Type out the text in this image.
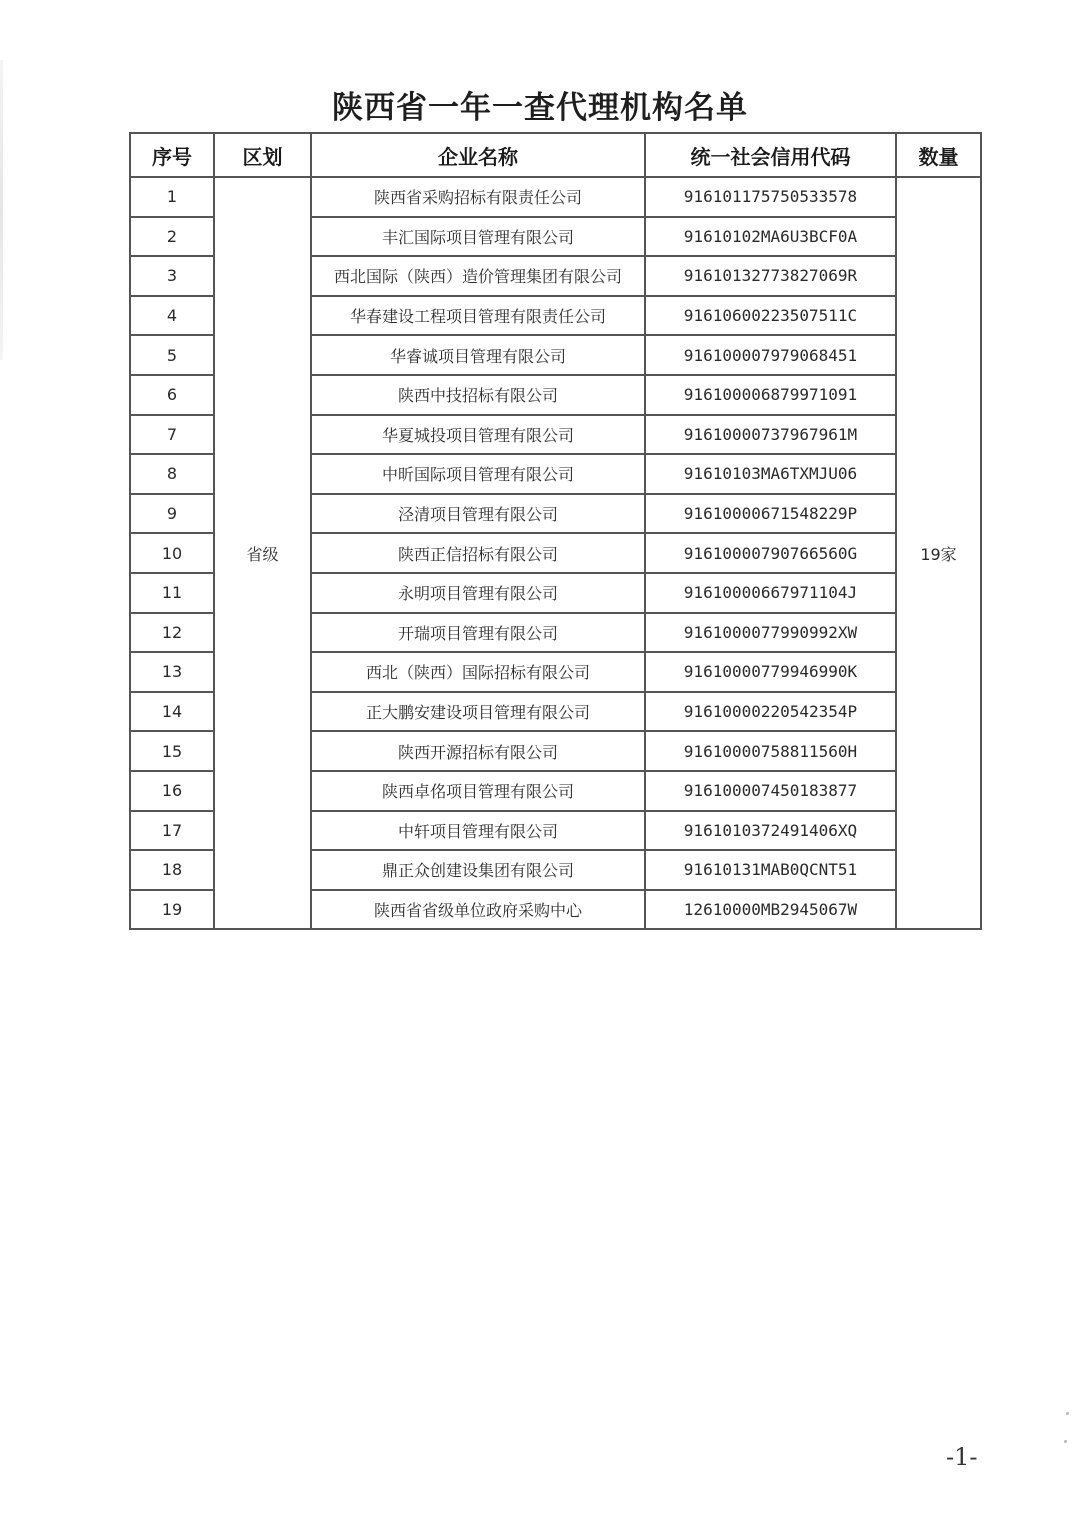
陕西省一年一查代理机构名单
序号	区划	企业名称	统一社会信用代码	数量
1	省级	陕西省采购招标有限责任公司	916101175750533578	19家
2		丰汇国际项目管理有限公司	91610102MA6U3BCF0A	
3		西北国际（陕西）造价管理集团有限公司	91610132773827069R	
4		华春建设工程项目管理有限责任公司	91610600223507511C	
5		华睿诚项目管理有限公司	916100007979068451	
6		陕西中技招标有限公司	916100006879971091	
7		华夏城投项目管理有限公司	91610000737967961M	
8		中昕国际项目管理有限公司	91610103MA6TXMJU06	
9		泾清项目管理有限公司	91610000671548229P	
10		陕西正信招标有限公司	91610000790766560G	
11		永明项目管理有限公司	91610000667971104J	
12		开瑞项目管理有限公司	9161000077990992XW	
13		西北（陕西）国际招标有限公司	91610000779946990K	
14		正大鹏安建设项目管理有限公司	91610000220542354P	
15		陕西开源招标有限公司	91610000758811560H	
16		陕西卓佲项目管理有限公司	916100007450183877	
17		中轩项目管理有限公司	9161010372491406XQ	
18		鼎正众创建设集团有限公司	91610131MAB0QCNT51	
19		陕西省省级单位政府采购中心	12610000MB2945067W	
-1-
